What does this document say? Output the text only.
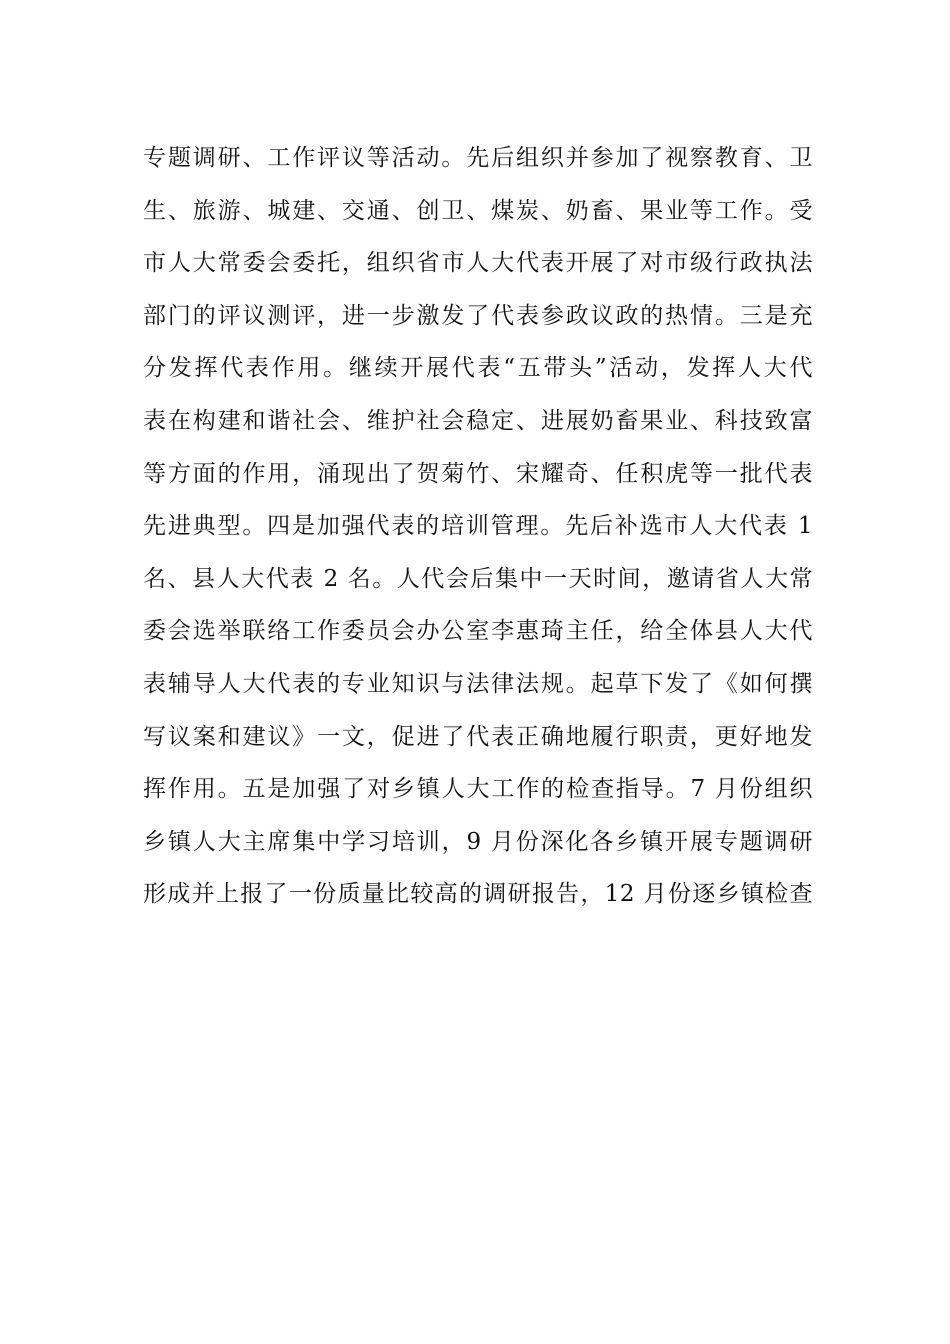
专题调研、工作评议等活动。先后组织并参加了视察教育、卫
生、旅游、城建、交通、创卫、煤炭、奶畜、果业等工作。受
市人大常委会委托，组织省市人大代表开展了对市级行政执法
部门的评议测评，进一步激发了代表参政议政的热情。三是充
分发挥代表作用。继续开展代表“五带头”活动，发挥人大代
表在构建和谐社会、维护社会稳定、进展奶畜果业、科技致富
等方面的作用，涌现出了贺菊竹、宋耀奇、任积虎等一批代表
先进典型。四是加强代表的培训管理。先后补选市人大代表 1
名、县人大代表 2 名。人代会后集中一天时间，邀请省人大常
委会选举联络工作委员会办公室李惠琦主任，给全体县人大代
表辅导人大代表的专业知识与法律法规。起草下发了《如何撰
写议案和建议》一文，促进了代表正确地履行职责，更好地发
挥作用。五是加强了对乡镇人大工作的检查指导。7 月份组织
乡镇人大主席集中学习培训，9 月份深化各乡镇开展专题调研
形成并上报了一份质量比较高的调研报告，12 月份逐乡镇检查
